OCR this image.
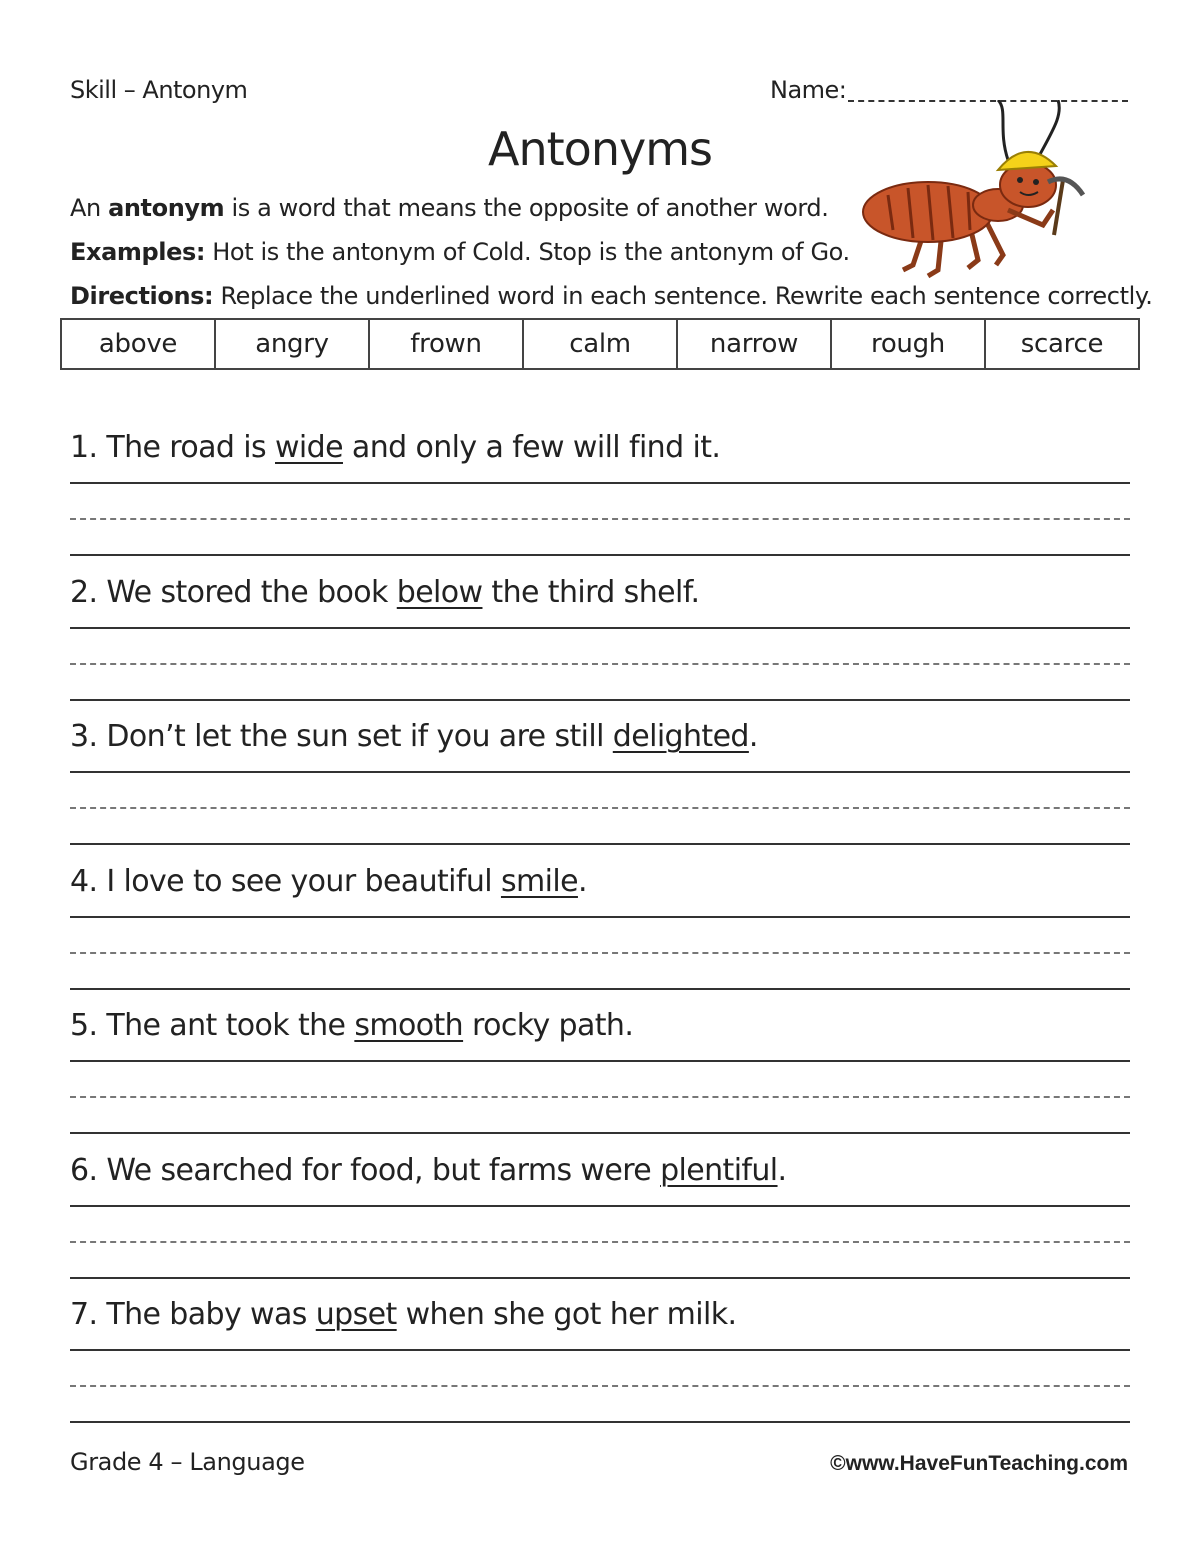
Skill – Antonym	Name:
Antonyms
An antonym is a word that means the opposite of another word.
Examples: Hot is the antonym of Cold. Stop is the antonym of Go.
Directions: Replace the underlined word in each sentence. Rewrite each sentence correctly.
above	angry	frown	calm	narrow	rough	scarce
1. The road is wide and only a few will find it.
2. We stored the book below the third shelf.
3. Don’t let the sun set if you are still delighted.
4. I love to see your beautiful smile.
5. The ant took the smooth rocky path.
6. We searched for food, but farms were plentiful.
7. The baby was upset when she got her milk.
Grade 4 – Language	©www.HaveFunTeaching.com
